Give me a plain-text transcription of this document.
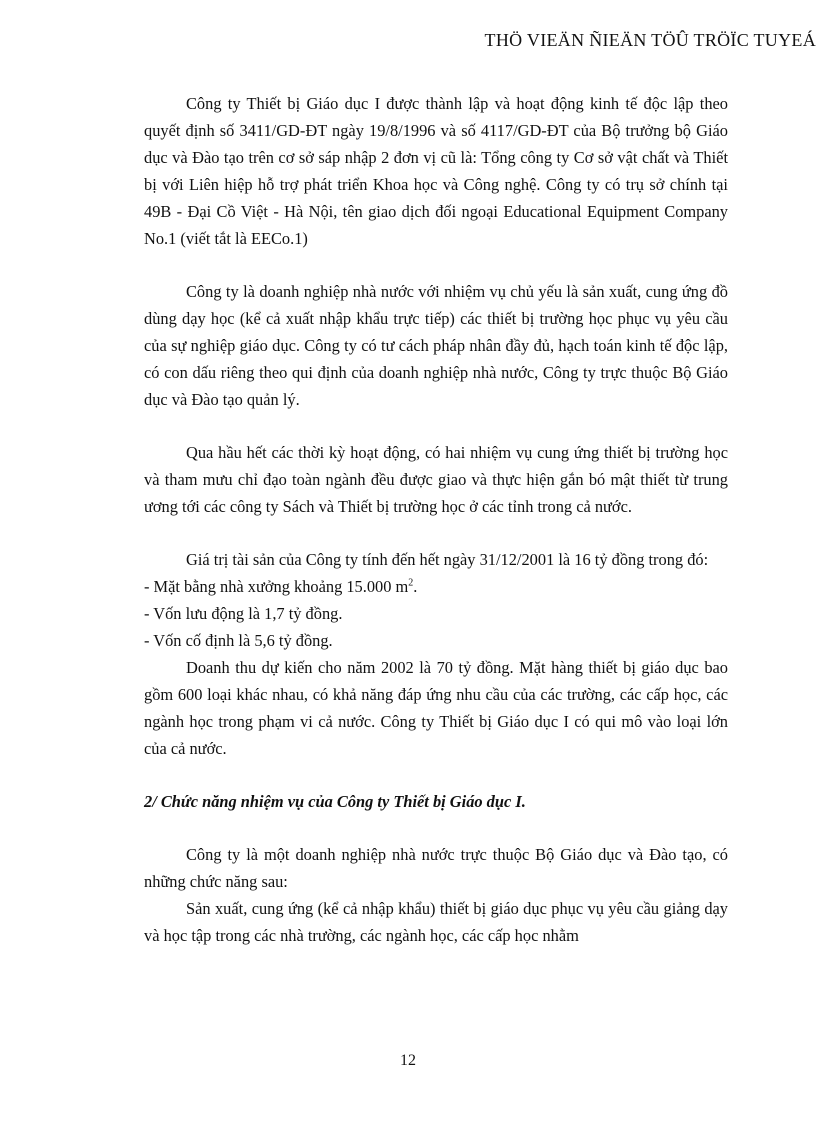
THÖ VIEÄN ÑIEÄN TÖÛ TRÖÏC TUYEÁ

Công ty Thiết bị Giáo dục I được thành lập và hoạt động kinh tế độc lập theo quyết định số 3411/GD-ĐT ngày 19/8/1996 và số 4117/GD-ĐT của Bộ trưởng bộ Giáo dục và Đào tạo trên cơ sở sáp nhập 2 đơn vị cũ là: Tổng công ty Cơ sở vật chất và Thiết bị với Liên hiệp hỗ trợ phát triển Khoa học và Công nghệ. Công ty có trụ sở chính tại 49B - Đại Cồ Việt - Hà Nội, tên giao dịch đối ngoại Educational Equipment Company No.1 (viết tắt là EECo.1)

Công ty là doanh nghiệp nhà nước với nhiệm vụ chủ yếu là sản xuất, cung ứng đồ dùng dạy học (kể cả xuất nhập khẩu trực tiếp) các thiết bị trường học phục vụ yêu cầu của sự nghiệp giáo dục. Công ty có tư cách pháp nhân đầy đủ, hạch toán kinh tế độc lập, có con dấu riêng theo qui định của doanh nghiệp nhà nước, Công ty trực thuộc Bộ Giáo dục và Đào tạo quản lý.

Qua hầu hết các thời kỳ hoạt động, có hai nhiệm vụ cung ứng thiết bị trường học và tham mưu chỉ đạo toàn ngành đều được giao và thực hiện gắn bó mật thiết từ trung ương tới các công ty Sách và Thiết bị trường học ở các tỉnh trong cả nước.

Giá trị tài sản của Công ty tính đến hết ngày 31/12/2001 là 16 tỷ đồng trong đó:

- Mặt bằng nhà xưởng khoảng 15.000 $m^2$.

- Vốn lưu động là 1,7 tỷ đồng.

- Vốn cố định là 5,6 tỷ đồng.

Doanh thu dự kiến cho năm 2002 là 70 tỷ đồng. Mặt hàng thiết bị giáo dục bao gồm 600 loại khác nhau, có khả năng đáp ứng nhu cầu của các trường, các cấp học, các ngành học trong phạm vi cả nước. Công ty Thiết bị Giáo dục I có qui mô vào loại lớn của cả nước.

2/ Chức năng nhiệm vụ của Công ty Thiết bị Giáo dục I.

Công ty là một doanh nghiệp nhà nước trực thuộc Bộ Giáo dục và Đào tạo, có những chức năng sau:

Sản xuất, cung ứng (kể cả nhập khẩu) thiết bị giáo dục phục vụ yêu cầu giảng dạy và học tập trong các nhà trường, các ngành học, các cấp học nhằm

12
